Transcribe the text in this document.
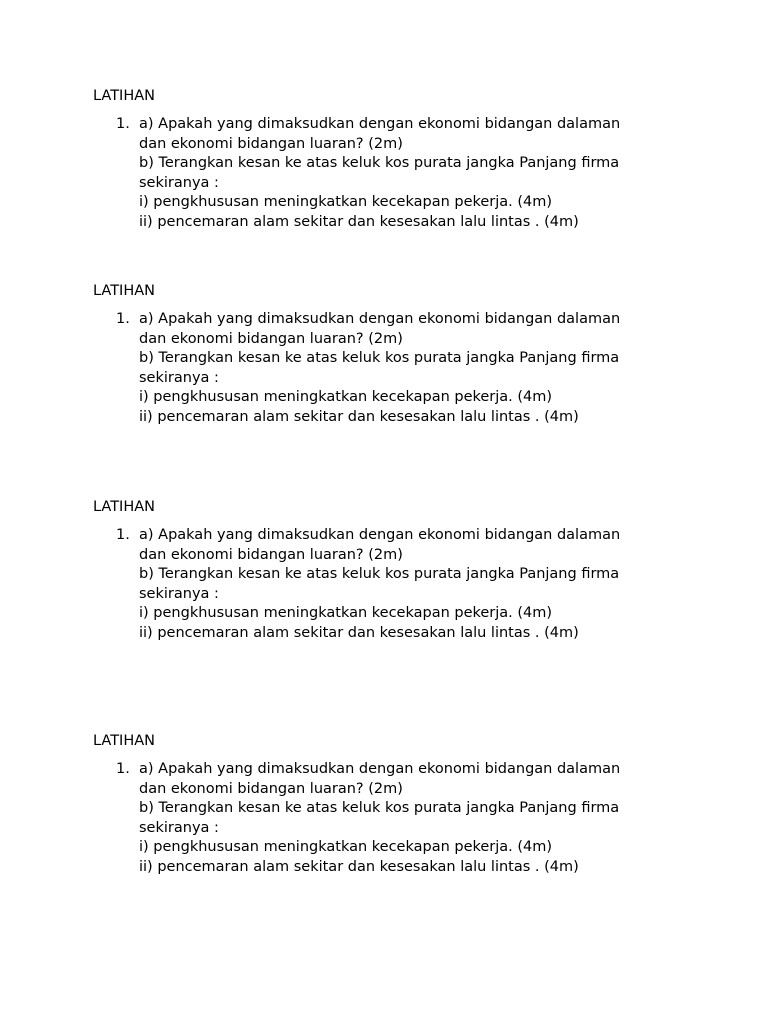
LATIHAN

1. a) Apakah yang dimaksudkan dengan ekonomi bidangan dalaman
dan ekonomi bidangan luaran? (2m)
b) Terangkan kesan ke atas keluk kos purata jangka Panjang firma
sekiranya :
i) pengkhususan meningkatkan kecekapan pekerja. (4m)
ii) pencemaran alam sekitar dan kesesakan lalu lintas . (4m)

LATIHAN

1. a) Apakah yang dimaksudkan dengan ekonomi bidangan dalaman
dan ekonomi bidangan luaran? (2m)
b) Terangkan kesan ke atas keluk kos purata jangka Panjang firma
sekiranya :
i) pengkhususan meningkatkan kecekapan pekerja. (4m)
ii) pencemaran alam sekitar dan kesesakan lalu lintas . (4m)

LATIHAN

1. a) Apakah yang dimaksudkan dengan ekonomi bidangan dalaman
dan ekonomi bidangan luaran? (2m)
b) Terangkan kesan ke atas keluk kos purata jangka Panjang firma
sekiranya :
i) pengkhususan meningkatkan kecekapan pekerja. (4m)
ii) pencemaran alam sekitar dan kesesakan lalu lintas . (4m)

LATIHAN

1. a) Apakah yang dimaksudkan dengan ekonomi bidangan dalaman
dan ekonomi bidangan luaran? (2m)
b) Terangkan kesan ke atas keluk kos purata jangka Panjang firma
sekiranya :
i) pengkhususan meningkatkan kecekapan pekerja. (4m)
ii) pencemaran alam sekitar dan kesesakan lalu lintas . (4m)
